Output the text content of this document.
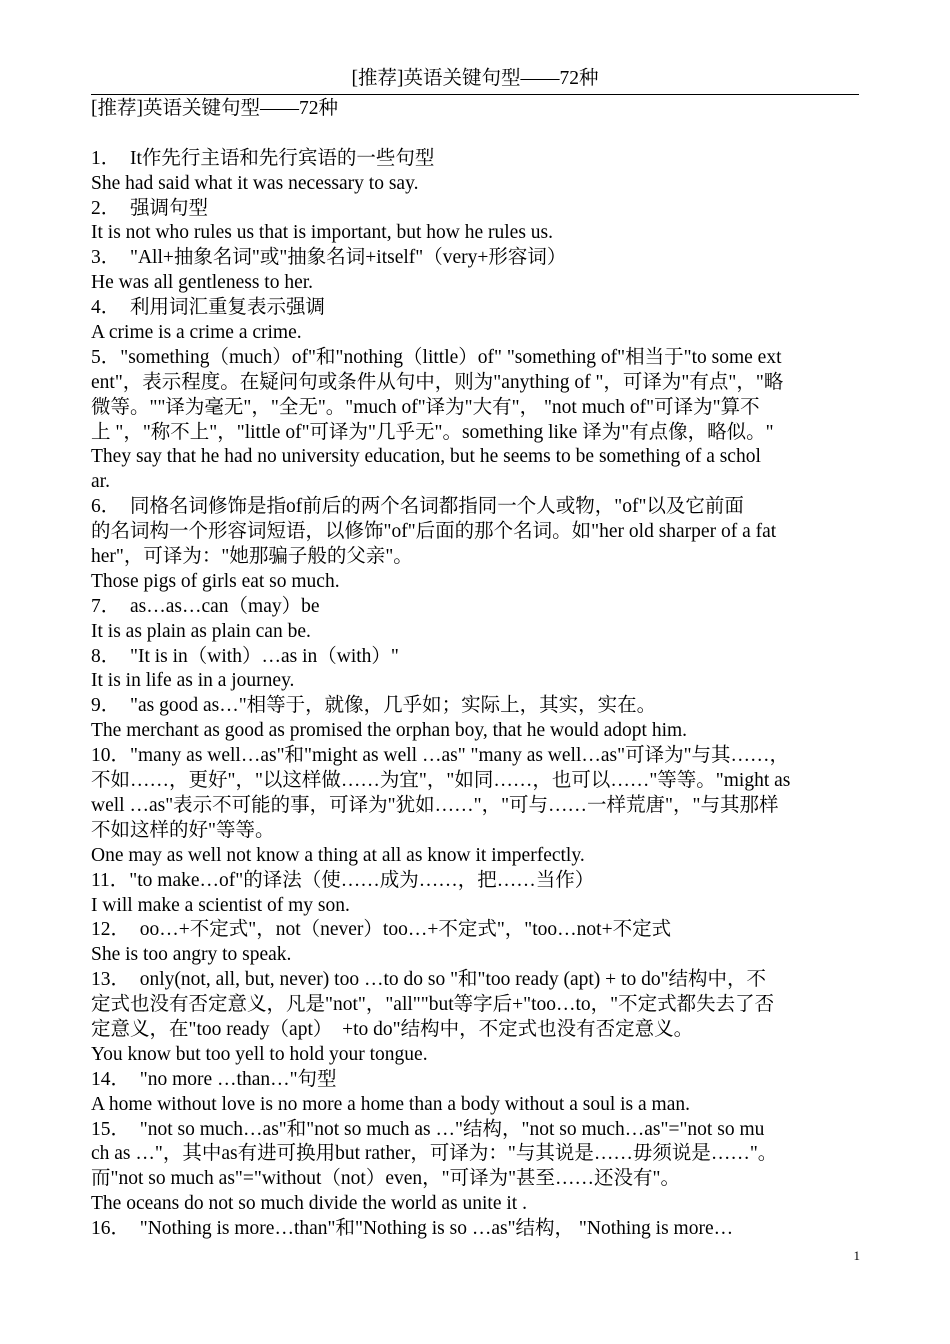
[推荐]英语关键句型——72种
[推荐]英语关键句型——72种
1．　It作先行主语和先行宾语的一些句型
She had said what it was necessary to say.
2．　强调句型
It is not who rules us that is important, but how he rules us.
3．　"All+抽象名词"或"抽象名词+itself"（very+形容词）
He was all gentleness to her.
4．　利用词汇重复表示强调
A crime is a crime a crime.
5．"something（much）of"和"nothing（little）of" "something of"相当于"to some ext
ent"，表示程度。在疑问句或条件从句中，则为"anything of "，可译为"有点"，"略
微等。""译为毫无"，"全无"。"much of"译为"大有"， "not much of"可译为"算不
上 "，"称不上"，"little of"可译为"几乎无"。something like 译为"有点像，略似。"
They say that he had no university education, but he seems to be something of a schol
ar.
6．　同格名词修饰是指of前后的两个名词都指同一个人或物，"of"以及它前面
的名词构一个形容词短语，以修饰"of"后面的那个名词。如"her old sharper of a fat
her"，可译为："她那骗子般的父亲"。
Those pigs of girls eat so much.
7．　as…as…can（may）be
It is as plain as plain can be.
8．　"It is in（with）…as in（with）"
It is in life as in a journey.
9．　"as good as…"相等于，就像，几乎如；实际上，其实，实在。
The merchant as good as promised the orphan boy, that he would adopt him.
10．"many as well…as"和"might as well …as" "many as well…as"可译为"与其……，
不如……，更好"，"以这样做……为宜"，"如同……，也可以……"等等。"might as
well …as"表示不可能的事，可译为"犹如……"，"可与……一样荒唐"，"与其那样
不如这样的好"等等。
One may as well not know a thing at all as know it imperfectly.
11．"to make…of"的译法（使……成为……，把……当作）
I will make a scientist of my son.
12．　oo…+不定式"，not（never）too…+不定式"，"too…not+不定式
She is too angry to speak.
13．　only(not, all, but, never) too …to do so "和"too ready (apt) + to do"结构中，不
定式也没有否定意义，凡是"not"，"all""but等字后+"too…to，"不定式都失去了否
定意义，在"too ready（apt）　+to do"结构中，不定式也没有否定意义。
You know but too yell to hold your tongue.
14．　"no more …than…"句型
A home without love is no more a home than a body without a soul is a man.
15．　"not so much…as"和"not so much as …"结构，"not so much…as"="not so mu
ch as …"，其中as有进可换用but rather，可译为："与其说是……毋须说是……"。
而"not so much as"="without（not）even，"可译为"甚至……还没有"。
The oceans do not so much divide the world as unite it .
16．　"Nothing is more…than"和"Nothing is so …as"结构， "Nothing is more…
1
